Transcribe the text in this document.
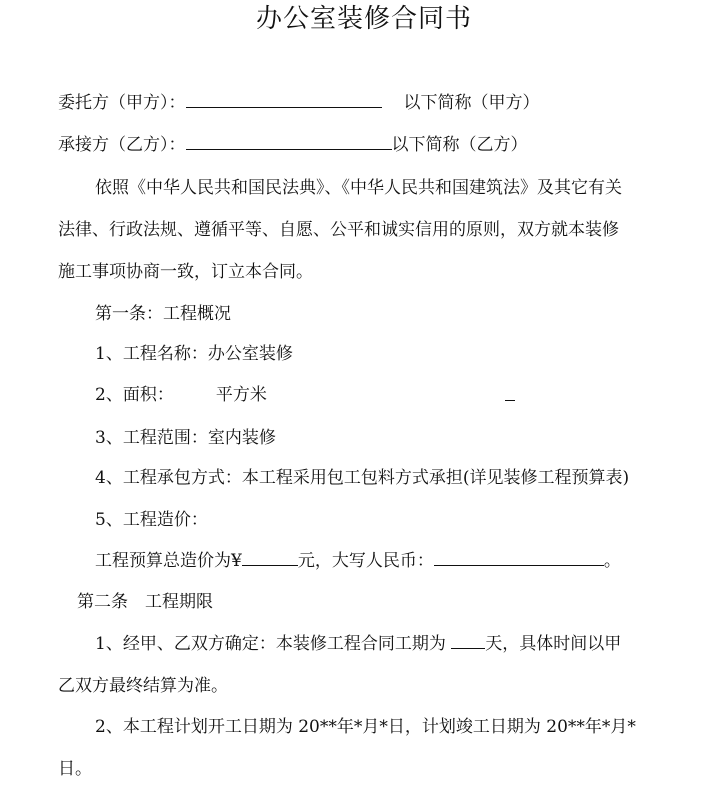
办公室装修合同书
委托方（甲方）：	以下简称（甲方）
承接方（乙方）：	以下简称（乙方）
依照《中华人民共和国民法典》、《中华人民共和国建筑法》及其它有关
法律、行政法规、遵循平等、自愿、公平和诚实信用的原则，双方就本装修
施工事项协商一致，订立本合同。
第一条：工程概况
1、工程名称：办公室装修
2、面积： 平方米
3、工程范围：室内装修
4、工程承包方式：本工程采用包工包料方式承担(详见装修工程预算表)
5、工程造价：
工程预算总造价为¥	元，大写人民币：	。
第二条　工程期限
1、经甲、乙双方确定：本装修工程合同工期为 天，具体时间以甲
乙双方最终结算为准。
2、本工程计划开工日期为 20**年*月*日，计划竣工日期为 20**年*月*
日。
